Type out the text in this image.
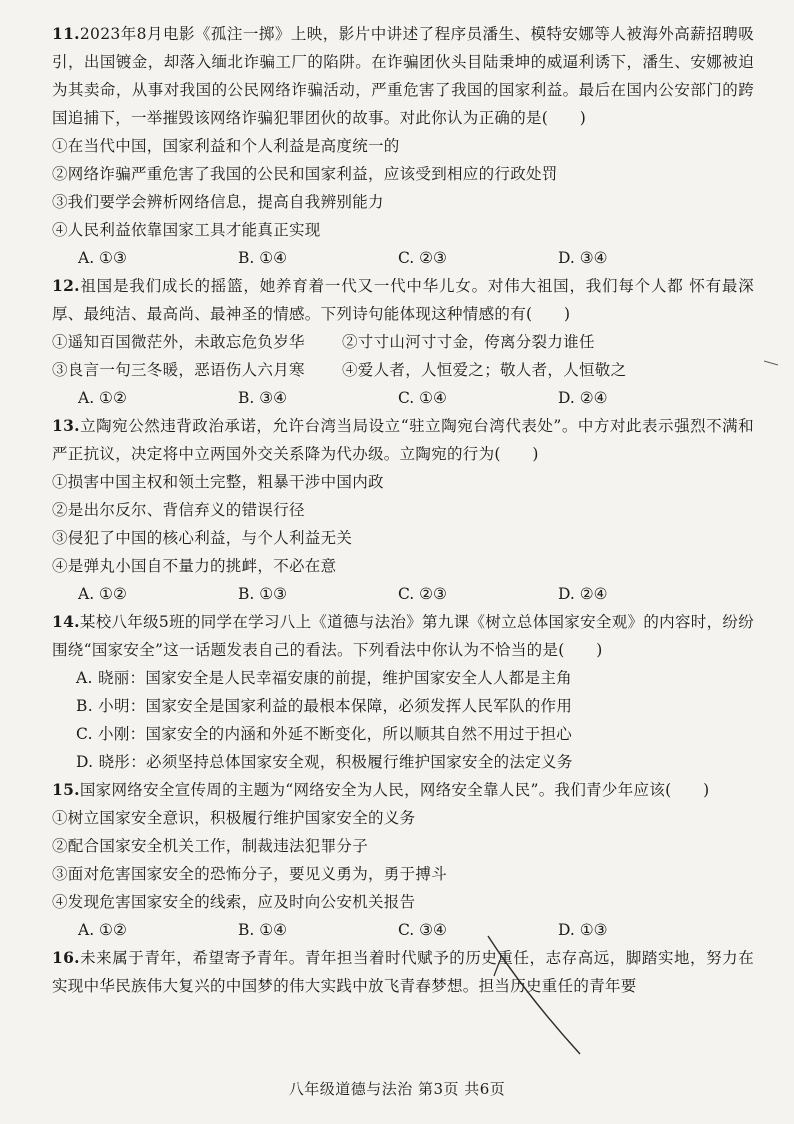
11.2023年8月电影《孤注一掷》上映，影片中讲述了程序员潘生、模特安娜等人被海外高薪招聘吸引，出国镀金，却落入缅北诈骗工厂的陷阱。在诈骗团伙头目陆秉坤的威逼利诱下，潘生、安娜被迫为其卖命，从事对我国的公民网络诈骗活动，严重危害了我国的国家利益。最后在国内公安部门的跨国追捕下，一举摧毁该网络诈骗犯罪团伙的故事。对此你认为正确的是(　　)

①在当代中国，国家利益和个人利益是高度统一的

②网络诈骗严重危害了我国的公民和国家利益，应该受到相应的行政处罚

③我们要学会辨析网络信息，提高自我辨别能力

④人民利益依靠国家工具才能真正实现

A. ①③	B. ①④	C. ②③	D. ③④

12.祖国是我们成长的摇篮，她养育着一代又一代中华儿女。对伟大祖国，我们每个人都 怀有最深厚、最纯洁、最高尚、最神圣的情感。下列诗句能体现这种情感的有(　　)

①遥知百国微茫外，未敢忘危负岁华	②寸寸山河寸寸金，侉离分裂力谁任
③良言一句三冬暖，恶语伤人六月寒	④爱人者，人恒爱之；敬人者，人恒敬之
A. ①②	B. ③④	C. ①④	D. ②④

13.立陶宛公然违背政治承诺，允许台湾当局设立“驻立陶宛台湾代表处”。中方对此表示强烈不满和严正抗议，决定将中立两国外交关系降为代办级。立陶宛的行为(　　)

①损害中国主权和领土完整，粗暴干涉中国内政

②是出尔反尔、背信弃义的错误行径

③侵犯了中国的核心利益，与个人利益无关

④是弹丸小国自不量力的挑衅，不必在意

A. ①②	B. ①③	C. ②③	D. ②④

14.某校八年级5班的同学在学习八上《道德与法治》第九课《树立总体国家安全观》的内容时，纷纷围绕“国家安全”这一话题发表自己的看法。下列看法中你认为不恰当的是(　　)

A. 晓丽：国家安全是人民幸福安康的前提，维护国家安全人人都是主角

B. 小明：国家安全是国家利益的最根本保障，必须发挥人民军队的作用

C. 小刚：国家安全的内涵和外延不断变化，所以顺其自然不用过于担心

D. 晓彤：必须坚持总体国家安全观，积极履行维护国家安全的法定义务

15.国家网络安全宣传周的主题为“网络安全为人民，网络安全靠人民”。我们青少年应该(　　)

①树立国家安全意识，积极履行维护国家安全的义务

②配合国家安全机关工作，制裁违法犯罪分子

③面对危害国家安全的恐怖分子，要见义勇为，勇于搏斗

④发现危害国家安全的线索，应及时向公安机关报告

A. ①②	B. ①④	C. ③④	D. ①③

16.未来属于青年，希望寄予青年。青年担当着时代赋予的历史重任，志存高远，脚踏实地，努力在实现中华民族伟大复兴的中国梦的伟大实践中放飞青春梦想。担当历史重任的青年要

八年级道德与法治 第3页 共6页
